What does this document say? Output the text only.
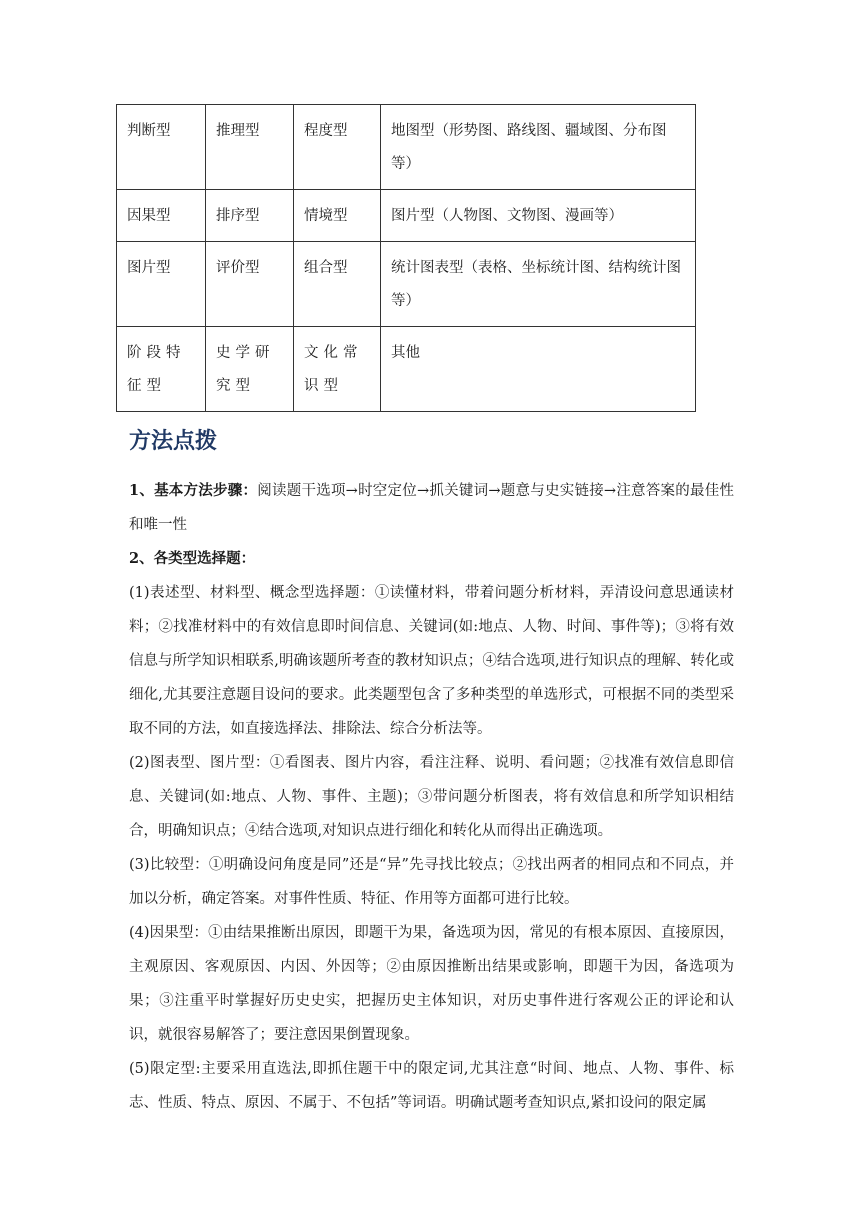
判断型	推理型	程度型	地图型（形势图、路线图、疆域图、分布图等）
因果型	排序型	情境型	图片型（人物图、文物图、漫画等）
图片型	评价型	组合型	统计图表型（表格、坐标统计图、结构统计图等）
阶段特征型	史学研究型	文化常识型	其他
方法点拨

1、基本方法步骤：阅读题干选项→时空定位→抓关键词→题意与史实链接→注意答案的最佳性和唯一性

2、各类型选择题：

(1)表述型、材料型、概念型选择题：①读懂材料，带着问题分析材料，弄清设问意思通读材料；②找准材料中的有效信息即时间信息、关键词(如:地点、人物、时间、事件等)；③将有效信息与所学知识相联系,明确该题所考查的教材知识点；④结合选项,进行知识点的理解、转化或细化,尤其要注意题目设问的要求。此类题型包含了多种类型的单选形式，可根据不同的类型采取不同的方法，如直接选择法、排除法、综合分析法等。

(2)图表型、图片型：①看图表、图片内容，看注注释、说明、看问题；②找准有效信息即信息、关键词(如:地点、人物、事件、主题)；③带问题分析图表，将有效信息和所学知识相结合，明确知识点；④结合选项,对知识点进行细化和转化从而得出正确选项。

(3)比较型：①明确设问角度是同”还是“异”先寻找比较点；②找出两者的相同点和不同点，并加以分析，确定答案。对事件性质、特征、作用等方面都可进行比较。

(4)因果型：①由结果推断出原因，即题干为果，备选项为因，常见的有根本原因、直接原因，主观原因、客观原因、内因、外因等；②由原因推断出结果或影响，即题干为因，备选项为果；③注重平时掌握好历史史实，把握历史主体知识，对历史事件进行客观公正的评论和认识，就很容易解答了；要注意因果倒置现象。

(5)限定型:主要采用直选法,即抓住题干中的限定词,尤其注意“时间、地点、人物、事件、标志、性质、特点、原因、不属于、不包括”等词语。明确试题考查知识点,紧扣设问的限定属
